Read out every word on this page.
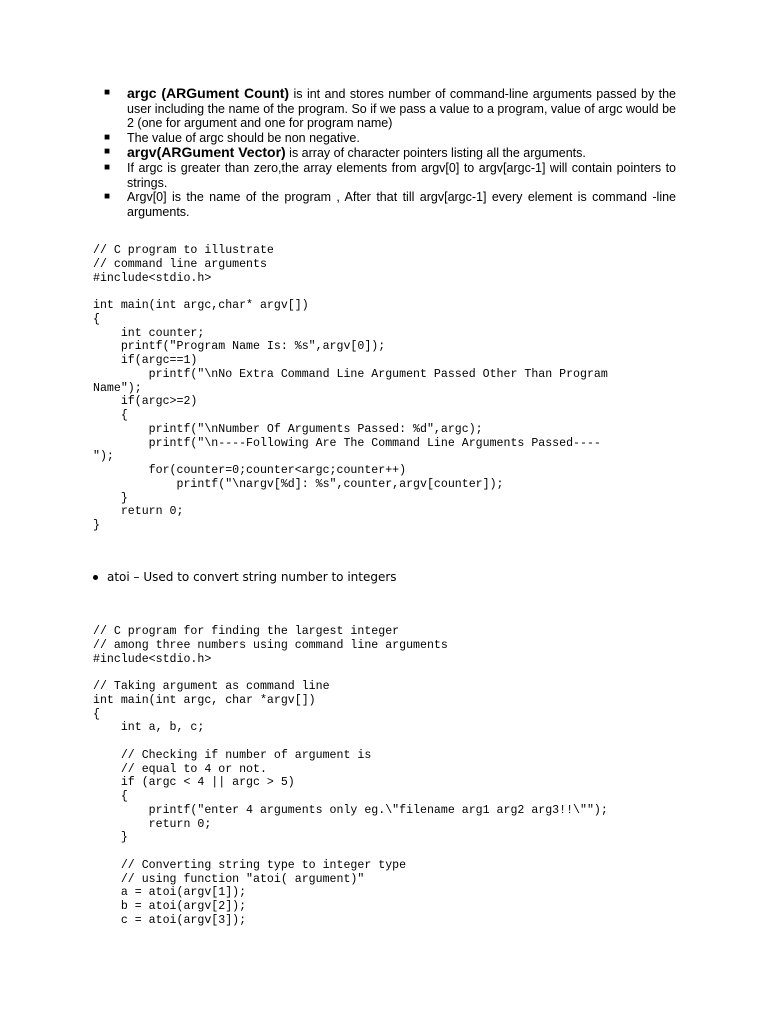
■ argc (ARGument Count) is int and stores number of command-line arguments passed by the user including the name of the program. So if we pass a value to a program, value of argc would be 2 (one for argument and one for program name)
■ The value of argc should be non negative.
■ argv(ARGument Vector) is array of character pointers listing all the arguments.
■ If argc is greater than zero,the array elements from argv[0] to argv[argc-1] will contain pointers to strings.
■ Argv[0] is the name of the program , After that till argv[argc-1] every element is command -line arguments.
// C program to illustrate
// command line arguments
#include<stdio.h>

int main(int argc,char* argv[])
{
int counter;
printf("Program Name Is: %s",argv[0]);
if(argc==1)
printf("\nNo Extra Command Line Argument Passed Other Than Program
Name");
if(argc>=2)
{
printf("\nNumber Of Arguments Passed: %d",argc);
printf("\n----Following Are The Command Line Arguments Passed----
");
for(counter=0;counter<argc;counter++)
printf("\nargv[%d]: %s",counter,argv[counter]);
}
return 0;
}
atoi – Used to convert string number to integers
// C program for finding the largest integer
// among three numbers using command line arguments
#include<stdio.h>

// Taking argument as command line
int main(int argc, char *argv[])
{
int a, b, c;

// Checking if number of argument is
// equal to 4 or not.
if (argc < 4 || argc > 5)
{
printf("enter 4 arguments only eg.\"filename arg1 arg2 arg3!!\"");
return 0;
}

// Converting string type to integer type
// using function "atoi( argument)"
a = atoi(argv[1]);
b = atoi(argv[2]);
c = atoi(argv[3]);
